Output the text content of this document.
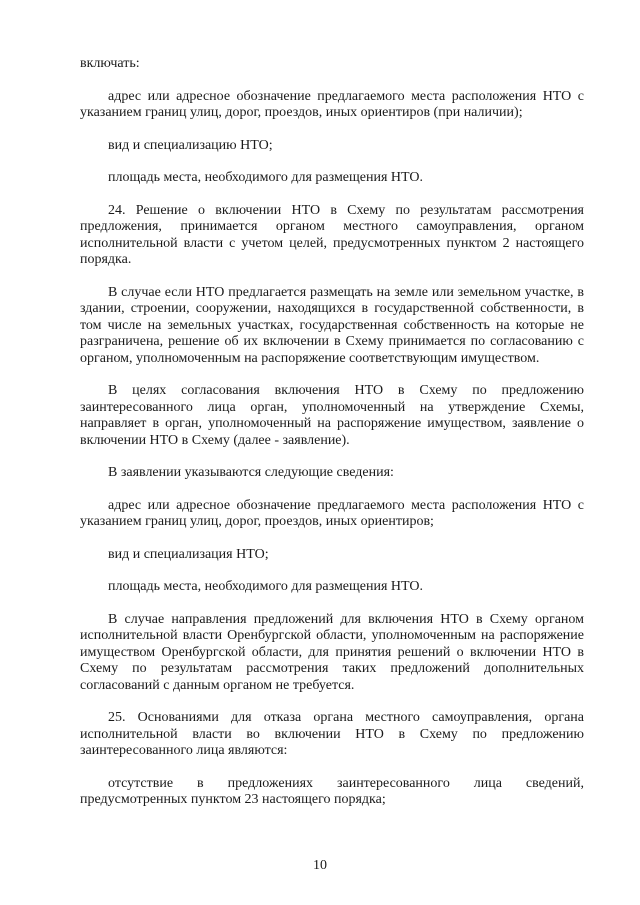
включать:
адрес или адресное обозначение предлагаемого места расположения НТО с указанием границ улиц, дорог, проездов, иных ориентиров (при наличии);
вид и специализацию НТО;
площадь места, необходимого для размещения НТО.
24. Решение о включении НТО в Схему по результатам рассмотрения предложения, принимается органом местного самоуправления, органом исполнительной власти с учетом целей, предусмотренных пунктом 2 настоящего порядка.
В случае если НТО предлагается размещать на земле или земельном участке, в здании, строении, сооружении, находящихся в государственной собственности, в том числе на земельных участках, государственная собственность на которые не разграничена, решение об их включении в Схему принимается по согласованию с органом, уполномоченным на распоряжение соответствующим имуществом.
В целях согласования включения НТО в Схему по предложению заинтересованного лица орган, уполномоченный на утверждение Схемы, направляет в орган, уполномоченный на распоряжение имуществом, заявление о включении НТО в Схему (далее - заявление).
В заявлении указываются следующие сведения:
адрес или адресное обозначение предлагаемого места расположения НТО с указанием границ улиц, дорог, проездов, иных ориентиров;
вид и специализация НТО;
площадь места, необходимого для размещения НТО.
В случае направления предложений для включения НТО в Схему органом исполнительной власти Оренбургской области, уполномоченным на распоряжение имуществом Оренбургской области, для принятия решений о включении НТО в Схему по результатам рассмотрения таких предложений дополнительных согласований с данным органом не требуется.
25. Основаниями для отказа органа местного самоуправления, органа исполнительной власти во включении НТО в Схему по предложению заинтересованного лица являются:
отсутствие в предложениях заинтересованного лица сведений, предусмотренных пунктом 23 настоящего порядка;
10
